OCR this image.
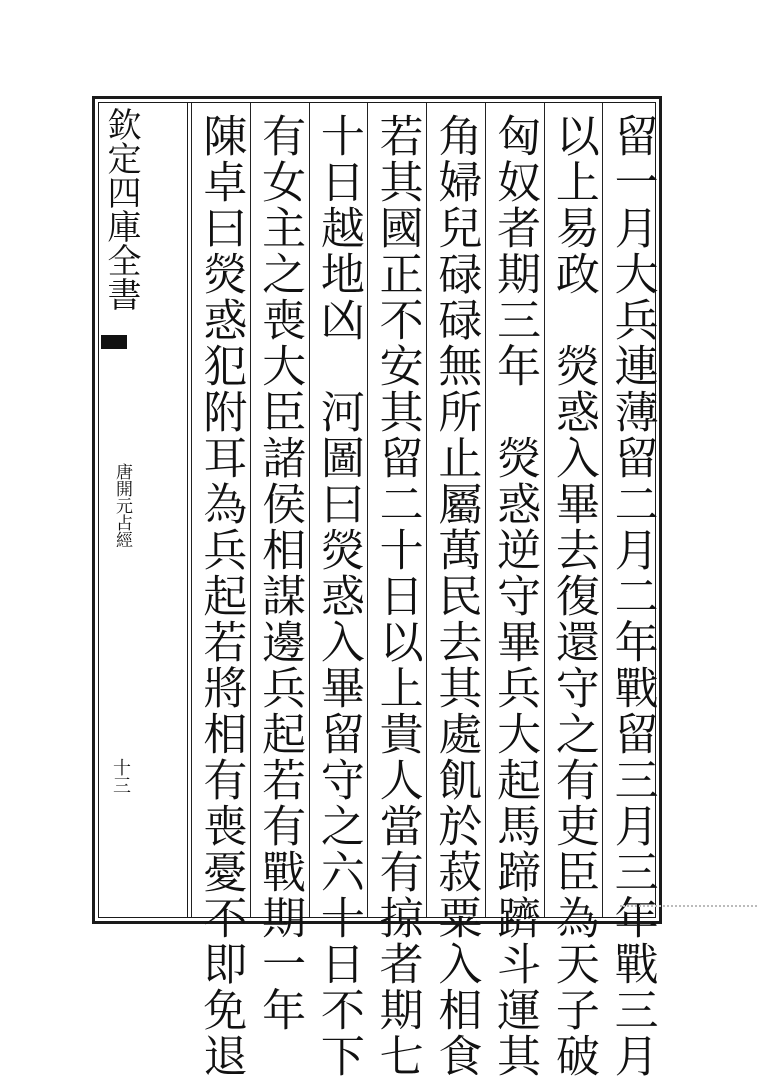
欽定四庫全書
唐開元占經
十三	留一月大兵連薄留二月二年戰留三月三年戰三月
以上易政　熒惑入畢去復還守之有吏臣為天子破
匈奴者期三年　熒惑逆守畢兵大起馬蹄躋斗運其
角婦兒碌碌無所止屬萬民去其處飢於菽粟入相食
若其國正不安其留二十日以上貴人當有掠者期七
十日越地凶　河圖曰熒惑入畢留守之六十日不下
有女主之喪大臣諸侯相謀邊兵起若有戰期一年
陳卓曰熒惑犯附耳為兵起若將相有喪憂不即免退
